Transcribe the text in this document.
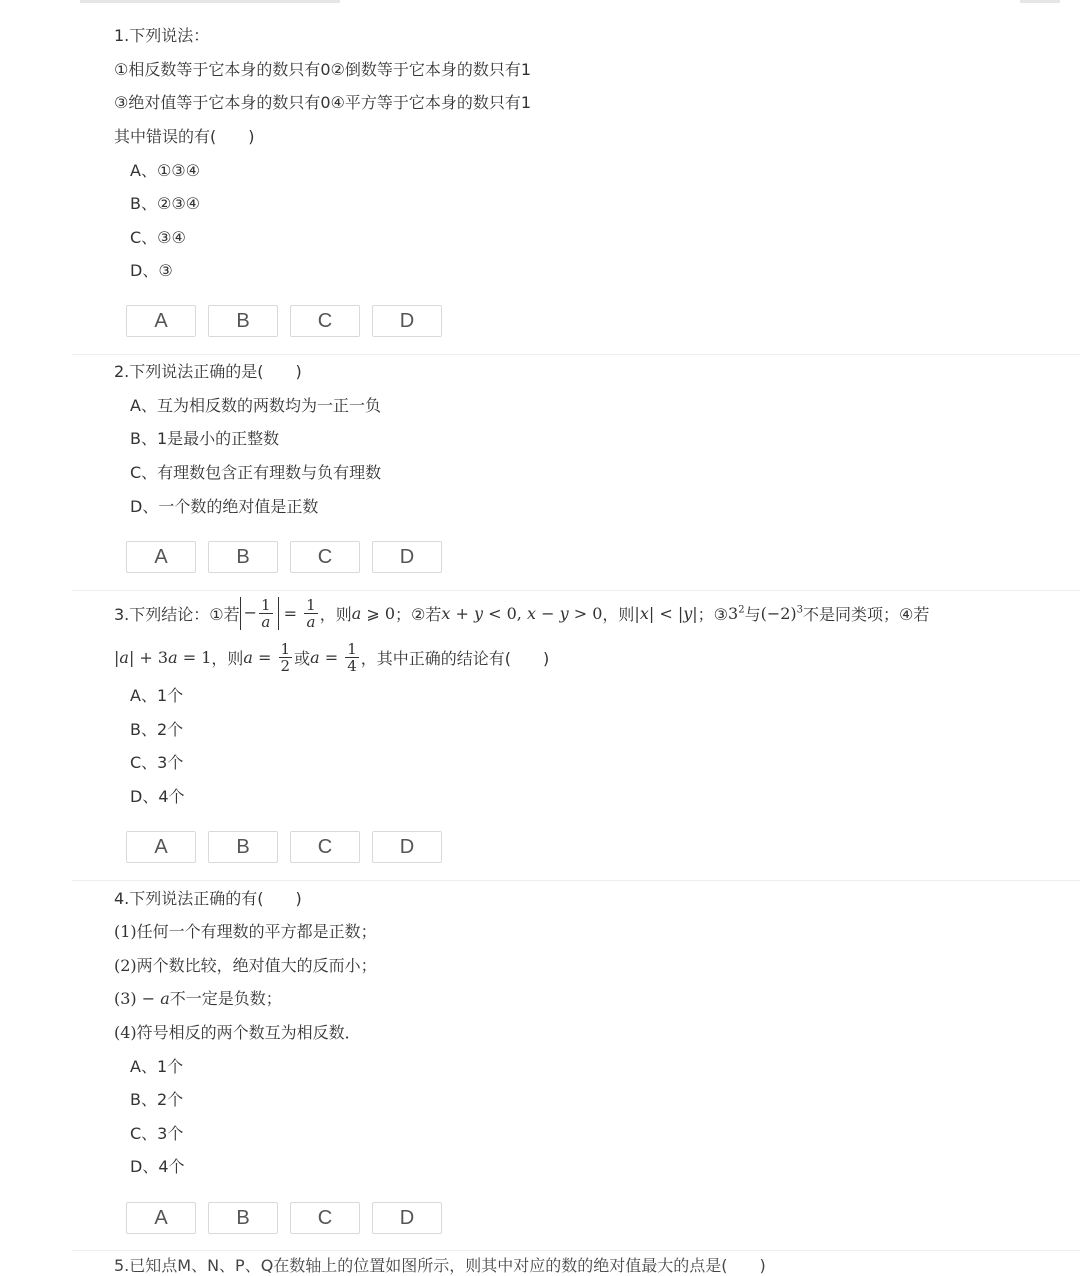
1.下列说法：
①相反数等于它本身的数只有0②倒数等于它本身的数只有1
③绝对值等于它本身的数只有0④平方等于它本身的数只有1
其中错误的有(　　)
A、①③④
B、②③④
C、③④
D、③
A	B	C	D
2.下列说法正确的是(　　)
A、互为相反数的两数均为一正一负
B、1是最小的正整数
C、有理数包含正有理数与负有理数
D、一个数的绝对值是正数
A	B	C	D
3.下列结论：①若 − $\frac{1}{a} = \frac{1}{a}$ ，则 a ⩾ 0 ；②若 x + y < 0, x − y > 0 ，则 |x| < |y| ；③ $3^2$ 与 $(-2)^3$ 不是同类项；④若
|a| + 3a = 1 ，则 $a = \frac{1}{2}$ 或 $a = \frac{1}{4}$ ，其中正确的结论有(　　)
A、1个
B、2个
C、3个
D、4个
A	B	C	D
4.下列说法正确的有(　　)
(1)任何一个有理数的平方都是正数；
(2)两个数比较，绝对值大的反而小；
(3) − a不一定是负数；
(4)符号相反的两个数互为相反数．
A、1个
B、2个
C、3个
D、4个
A	B	C	D
5.已知点M、N、P、Q在数轴上的位置如图所示，则其中对应的数的绝对值最大的点是(　　)
